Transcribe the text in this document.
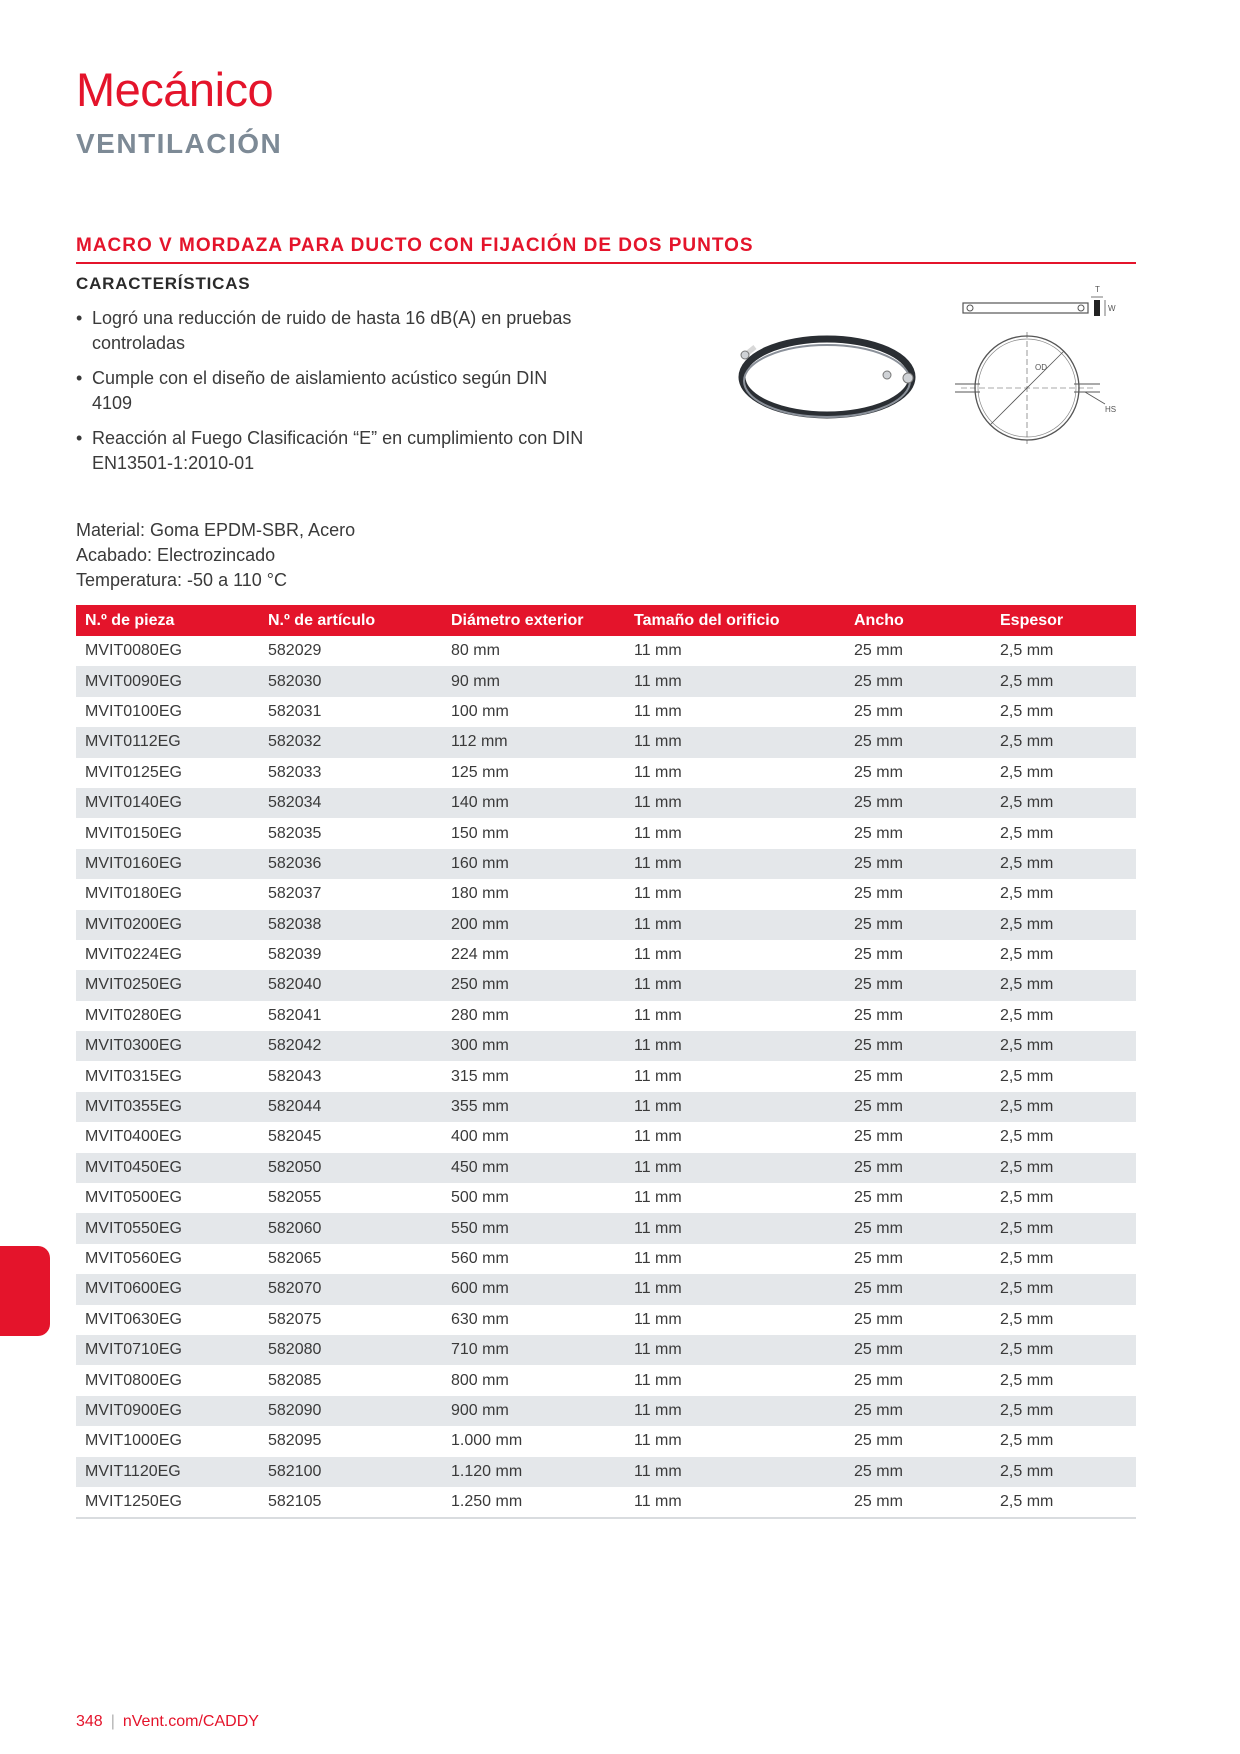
Mecánico
VENTILACIÓN
MACRO V MORDAZA PARA DUCTO CON FIJACIÓN DE DOS PUNTOS
CARACTERÍSTICAS
• Logró una reducción de ruido de hasta 16 dB(A) en pruebas controladas
• Cumple con el diseño de aislamiento acústico según DIN 4109
• Reacción al Fuego Clasificación “E” en cumplimiento con DIN EN13501-1:2010-01
Material: Goma EPDM-SBR, Acero
Acabado: Electrozincado
Temperatura: -50 a 110 °C
T
W
OD
HS
N.º de pieza	N.º de artículo	Diámetro exterior	Tamaño del orificio	Ancho	Espesor
MVIT0080EG	582029	80 mm	11 mm	25 mm	2,5 mm
MVIT0090EG	582030	90 mm	11 mm	25 mm	2,5 mm
MVIT0100EG	582031	100 mm	11 mm	25 mm	2,5 mm
MVIT0112EG	582032	112 mm	11 mm	25 mm	2,5 mm
MVIT0125EG	582033	125 mm	11 mm	25 mm	2,5 mm
MVIT0140EG	582034	140 mm	11 mm	25 mm	2,5 mm
MVIT0150EG	582035	150 mm	11 mm	25 mm	2,5 mm
MVIT0160EG	582036	160 mm	11 mm	25 mm	2,5 mm
MVIT0180EG	582037	180 mm	11 mm	25 mm	2,5 mm
MVIT0200EG	582038	200 mm	11 mm	25 mm	2,5 mm
MVIT0224EG	582039	224 mm	11 mm	25 mm	2,5 mm
MVIT0250EG	582040	250 mm	11 mm	25 mm	2,5 mm
MVIT0280EG	582041	280 mm	11 mm	25 mm	2,5 mm
MVIT0300EG	582042	300 mm	11 mm	25 mm	2,5 mm
MVIT0315EG	582043	315 mm	11 mm	25 mm	2,5 mm
MVIT0355EG	582044	355 mm	11 mm	25 mm	2,5 mm
MVIT0400EG	582045	400 mm	11 mm	25 mm	2,5 mm
MVIT0450EG	582050	450 mm	11 mm	25 mm	2,5 mm
MVIT0500EG	582055	500 mm	11 mm	25 mm	2,5 mm
MVIT0550EG	582060	550 mm	11 mm	25 mm	2,5 mm
MVIT0560EG	582065	560 mm	11 mm	25 mm	2,5 mm
MVIT0600EG	582070	600 mm	11 mm	25 mm	2,5 mm
MVIT0630EG	582075	630 mm	11 mm	25 mm	2,5 mm
MVIT0710EG	582080	710 mm	11 mm	25 mm	2,5 mm
MVIT0800EG	582085	800 mm	11 mm	25 mm	2,5 mm
MVIT0900EG	582090	900 mm	11 mm	25 mm	2,5 mm
MVIT1000EG	582095	1.000 mm	11 mm	25 mm	2,5 mm
MVIT1120EG	582100	1.120 mm	11 mm	25 mm	2,5 mm
MVIT1250EG	582105	1.250 mm	11 mm	25 mm	2,5 mm
348 | nVent.com/CADDY
